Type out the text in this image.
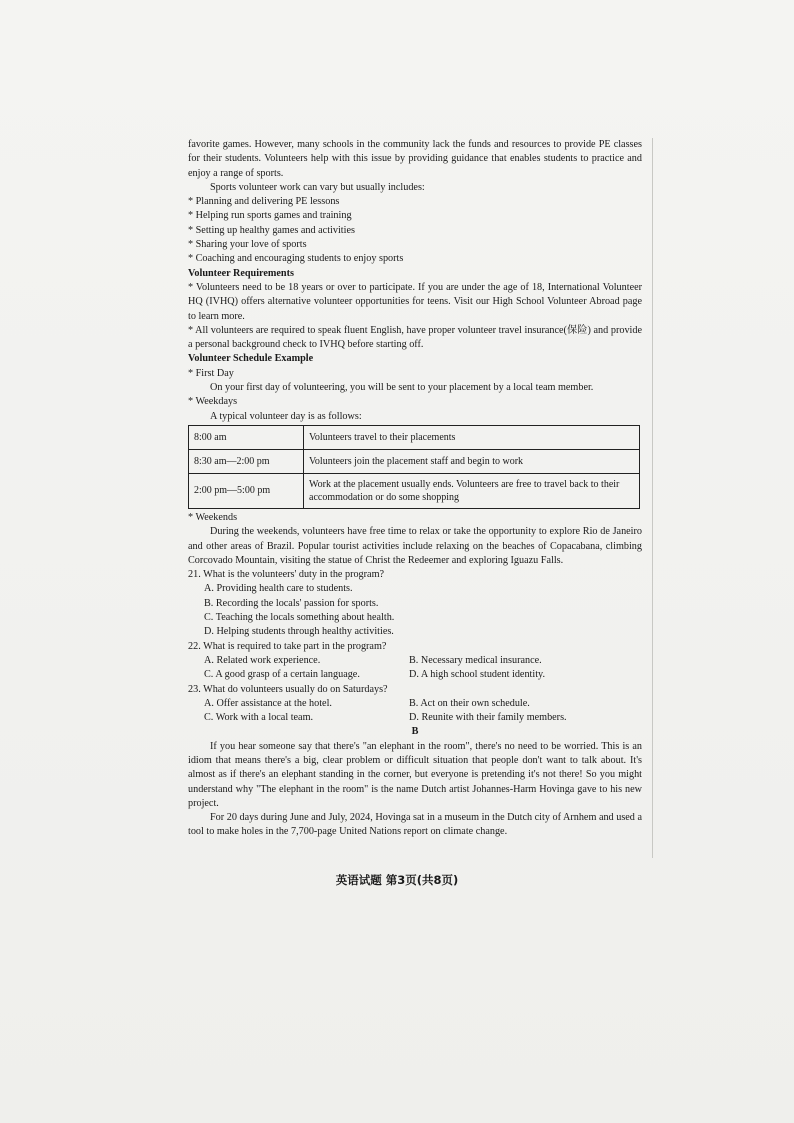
favorite games. However, many schools in the community lack the funds and resources to provide PE classes for their students. Volunteers help with this issue by providing guidance that enables students to practice and enjoy a range of sports.

Sports volunteer work can vary but usually includes:

* Planning and delivering PE lessons

* Helping run sports games and training

* Setting up healthy games and activities

* Sharing your love of sports

* Coaching and encouraging students to enjoy sports

Volunteer Requirements

* Volunteers need to be 18 years or over to participate. If you are under the age of 18, International Volunteer HQ (IVHQ) offers alternative volunteer opportunities for teens. Visit our High School Volunteer Abroad page to learn more.

* All volunteers are required to speak fluent English, have proper volunteer travel insurance(保险) and provide a personal background check to IVHQ before starting off.

Volunteer Schedule Example

* First Day

On your first day of volunteering, you will be sent to your placement by a local team member.

* Weekdays

A typical volunteer day is as follows:

8:00 am	Volunteers travel to their placements
8:30 am—2:00 pm	Volunteers join the placement staff and begin to work
2:00 pm—5:00 pm	Work at the placement usually ends. Volunteers are free to travel back to their accommodation or do some shopping

* Weekends

During the weekends, volunteers have free time to relax or take the opportunity to explore Rio de Janeiro and other areas of Brazil. Popular tourist activities include relaxing on the beaches of Copacabana, climbing Corcovado Mountain, visiting the statue of Christ the Redeemer and exploring Iguazu Falls.

21. What is the volunteers' duty in the program?

A. Providing health care to students.

B. Recording the locals' passion for sports.

C. Teaching the locals something about health.

D. Helping students through healthy activities.

22. What is required to take part in the program?

A. Related work experience.	B. Necessary medical insurance.
C. A good grasp of a certain language.	D. A high school student identity.

23. What do volunteers usually do on Saturdays?

A. Offer assistance at the hotel.	B. Act on their own schedule.
C. Work with a local team.	D. Reunite with their family members.

B

If you hear someone say that there's "an elephant in the room", there's no need to be worried. This is an idiom that means there's a big, clear problem or difficult situation that people don't want to talk about. It's almost as if there's an elephant standing in the corner, but everyone is pretending it's not there! So you might understand why "The elephant in the room" is the name Dutch artist Johannes-Harm Hovinga gave to his new project.

For 20 days during June and July, 2024, Hovinga sat in a museum in the Dutch city of Arnhem and used a tool to make holes in the 7,700-page United Nations report on climate change.

英语试题 第3页(共8页)
